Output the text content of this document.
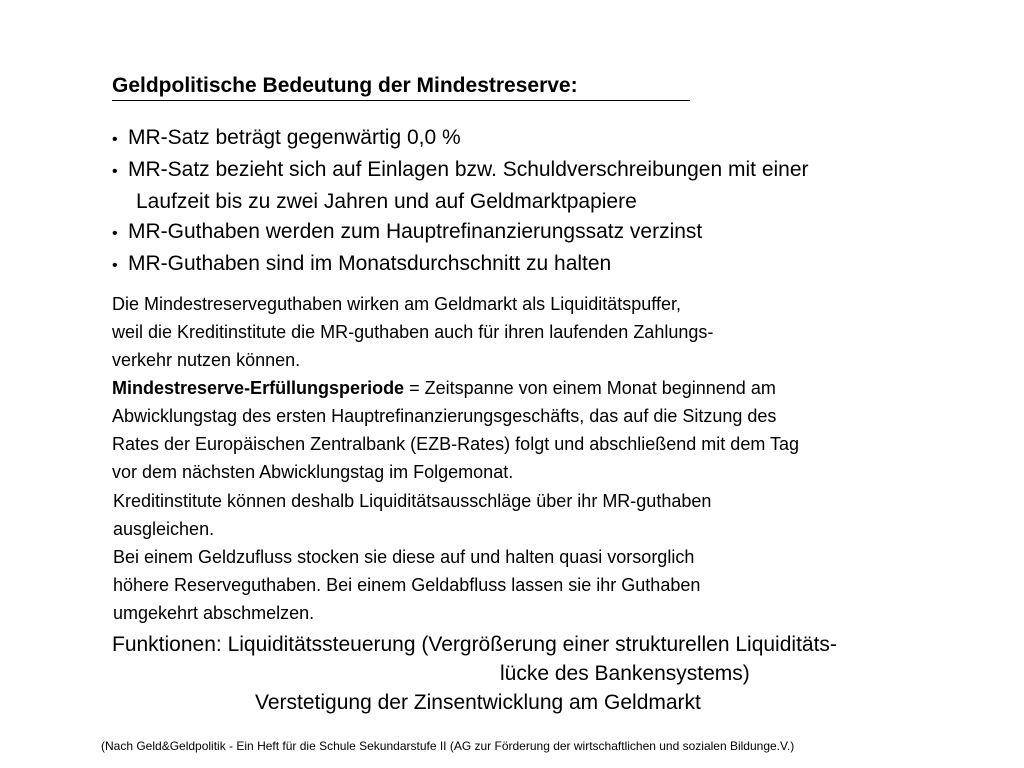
Geldpolitische Bedeutung der Mindestreserve:
• MR-Satz beträgt gegenwärtig 0,0 %
• MR-Satz bezieht sich auf Einlagen bzw. Schuldverschreibungen mit einer
Laufzeit bis zu zwei Jahren und auf Geldmarktpapiere
• MR-Guthaben werden zum Hauptrefinanzierungssatz verzinst
• MR-Guthaben sind im Monatsdurchschnitt zu halten

Die Mindestreserveguthaben wirken am Geldmarkt als Liquiditätspuffer,

weil die Kreditinstitute die MR-guthaben auch für ihren laufenden Zahlungs-

verkehr nutzen können.

Mindestreserve-Erfüllungsperiode = Zeitspanne von einem Monat beginnend am

Abwicklungstag des ersten Hauptrefinanzierungsgeschäfts, das auf die Sitzung des

Rates der Europäischen Zentralbank (EZB-Rates) folgt und abschließend mit dem Tag

vor dem nächsten Abwicklungstag im Folgemonat.

Kreditinstitute können deshalb Liquiditätsausschläge über ihr MR-guthaben

ausgleichen.

Bei einem Geldzufluss stocken sie diese auf und halten quasi vorsorglich

höhere Reserveguthaben. Bei einem Geldabfluss lassen sie ihr Guthaben

umgekehrt abschmelzen.

Funktionen: Liquiditätssteuerung (Vergrößerung einer strukturellen Liquiditäts-
lücke des Bankensystems)
Verstetigung der Zinsentwicklung am Geldmarkt
(Nach Geld&Geldpolitik - Ein Heft für die Schule Sekundarstufe II (AG zur Förderung der wirtschaftlichen und sozialen Bildunge.V.)
